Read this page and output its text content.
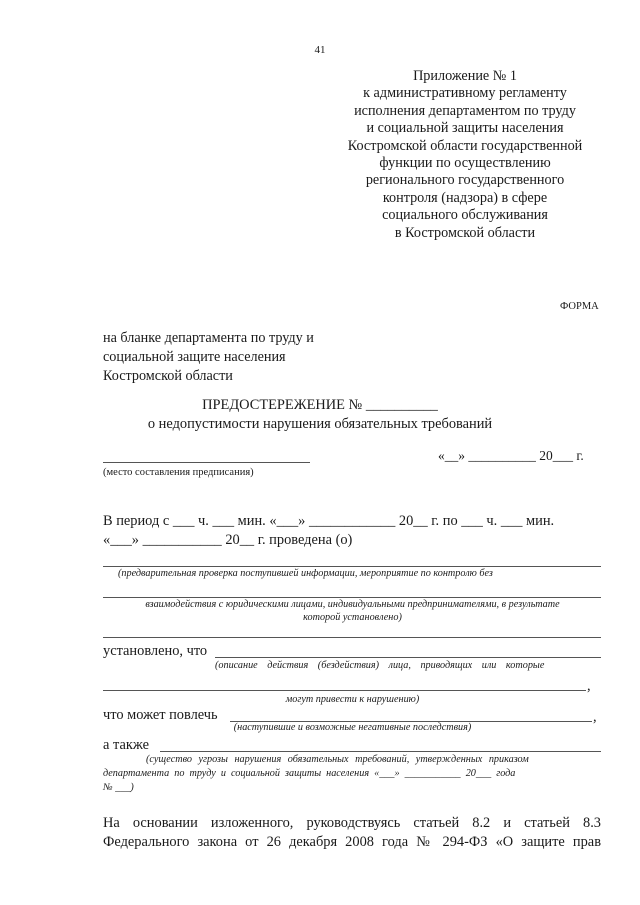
41
Приложение № 1
к административному регламенту
исполнения департаментом по труду
и социальной защиты населения
Костромской области государственной
функции по осуществлению
регионального государственного
контроля (надзора) в сфере
социального обслуживания
в Костромской области
ФОРМА
на бланке департамента по труду и
социальной защите населения
Костромской области
ПРЕДОСТЕРЕЖЕНИЕ № __________
о недопустимости нарушения обязательных требований
«__» __________ 20___ г.
(место составления предписания)
В период с ___ ч. ___ мин. «___» ____________ 20__ г. по ___ ч. ___ мин.
«___» ___________ 20__ г. проведена (о)
(предварительная проверка поступившей информации, мероприятие по контролю без
взаимодействия с юридическими лицами, индивидуальными предпринимателями, в результате
которой установлено)
установлено, что
(описание действия (бездействия) лица, приводящих или которые
,
могут привести к нарушению)
что может повлечь	,
(наступившие и возможные негативные последствия)
а также
(существо угрозы нарушения обязательных требований, утвержденных приказом
департамента по труду и социальной защиты населения «___» ___________ 20___ года
№ ___)
На основании изложенного, руководствуясь статьей 8.2 и статьей 8.3
Федерального закона от 26 декабря 2008 года № 294-ФЗ «О защите прав
